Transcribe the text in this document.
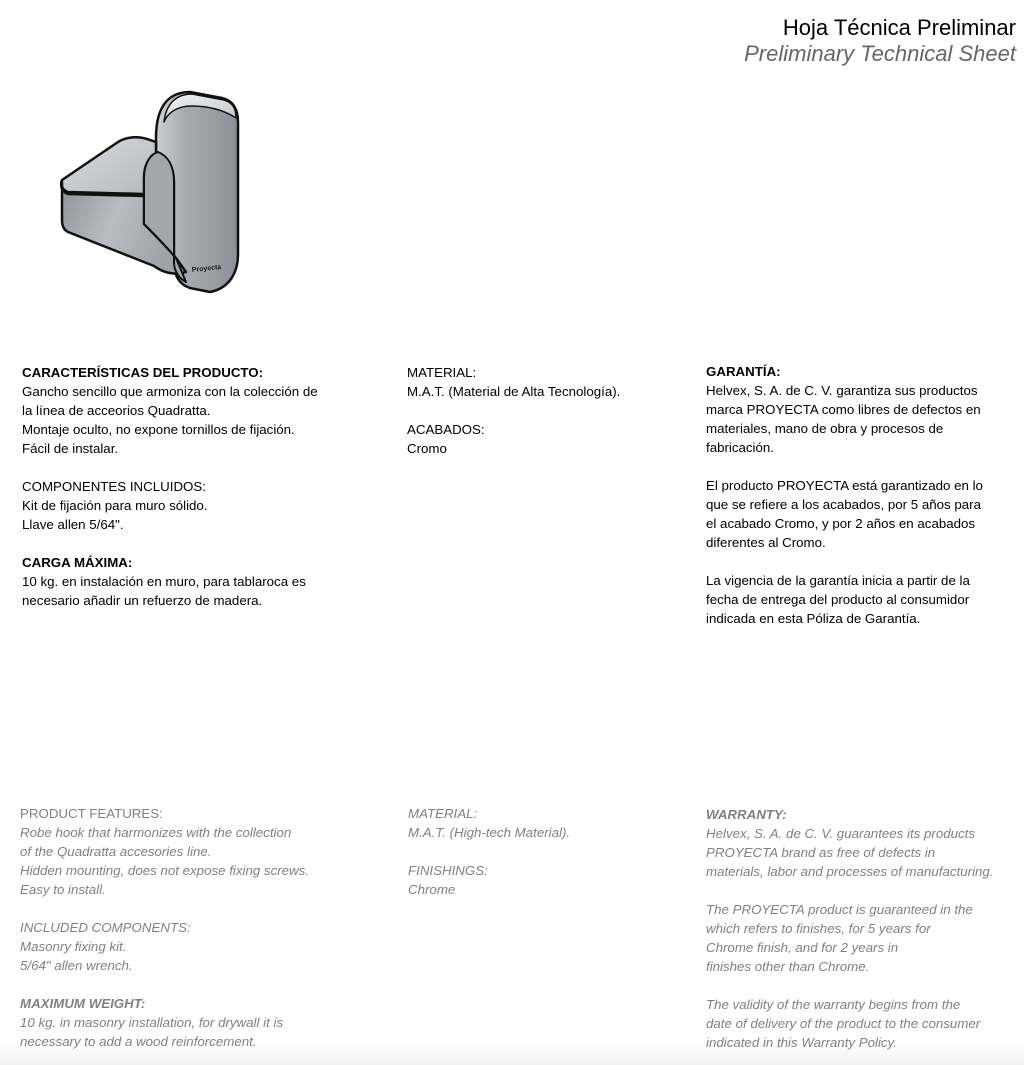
Hoja Técnica Preliminar
Preliminary Technical Sheet
Proyecta

CARACTERÍSTICAS DEL PRODUCTO:

Gancho sencillo que armoniza con la colección de

la línea de acceorios Quadratta.

Montaje oculto, no expone tornillos de fijación.

Fácil de instalar.

COMPONENTES INCLUIDOS:

Kit de fijación para muro sólido.

Llave allen 5/64".

CARGA MÁXIMA:

10 kg. en instalación en muro, para tablaroca es

necesario añadir un refuerzo de madera.

MATERIAL:

M.A.T. (Material de Alta Tecnología).

ACABADOS:

Cromo

GARANTÍA:

Helvex, S. A. de C. V. garantiza sus productos

marca PROYECTA como libres de defectos en

materiales, mano de obra y procesos de

fabricación.

El producto PROYECTA está garantizado en lo

que se refiere a los acabados, por 5 años para

el acabado Cromo, y por 2 años en acabados

diferentes al Cromo.

La vigencia de la garantía inicia a partir de la

fecha de entrega del producto al consumidor

indicada en esta Póliza de Garantía.

PRODUCT FEATURES:

Robe hook that harmonizes with the collection

of the Quadratta accesories line.

Hidden mounting, does not expose fixing screws.

Easy to install.

INCLUDED COMPONENTS:

Masonry fixing kit.

5/64" allen wrench.

MAXIMUM WEIGHT:

10 kg. in masonry installation, for drywall it is

necessary to add a wood reinforcement.

MATERIAL:

M.A.T. (High-tech Material).

FINISHINGS:

Chrome

WARRANTY:

Helvex, S. A. de C. V. guarantees its products

PROYECTA brand as free of defects in

materials, labor and processes of manufacturing.

The PROYECTA product is guaranteed in the

which refers to finishes, for 5 years for

Chrome finish, and for 2 years in

finishes other than Chrome.

The validity of the warranty begins from the

date of delivery of the product to the consumer

indicated in this Warranty Policy.
